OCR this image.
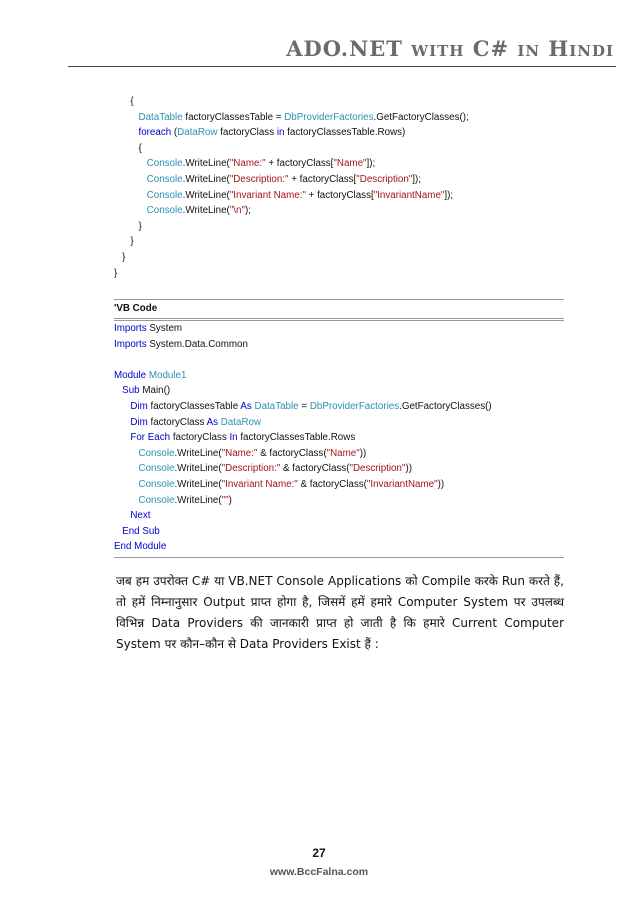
ADO.NET with C# in Hindi
{
DataTable factoryClassesTable = DbProviderFactories.GetFactoryClasses();
foreach (DataRow factoryClass in factoryClassesTable.Rows)
{
Console.WriteLine("Name:" + factoryClass["Name"]);
Console.WriteLine("Description:" + factoryClass["Description"]);
Console.WriteLine("Invariant Name:" + factoryClass["InvariantName"]);
Console.WriteLine("\n");
}
}
}
}
'VB Code
Imports System
Imports System.Data.Common
Module Module1
Sub Main()
Dim factoryClassesTable As DataTable = DbProviderFactories.GetFactoryClasses()
Dim factoryClass As DataRow
For Each factoryClass In factoryClassesTable.Rows
Console.WriteLine("Name:" & factoryClass("Name"))
Console.WriteLine("Description:" & factoryClass("Description"))
Console.WriteLine("Invariant Name:" & factoryClass("InvariantName"))
Console.WriteLine("")
Next
End Sub
End Module
जब हम उपरोक्त C# या VB.NET Console Applications को Compile करके Run करते हैं, तो हमें निम्नानुसार Output प्राप्त होगा है, जिसमें हमें हमारे Computer System पर उपलब्ध विभिन्न Data Providers की जानकारी प्राप्त हो जाती है कि हमारे Current Computer System पर कौन–कौन से Data Providers Exist हैं :
27
www.BccFalna.com
